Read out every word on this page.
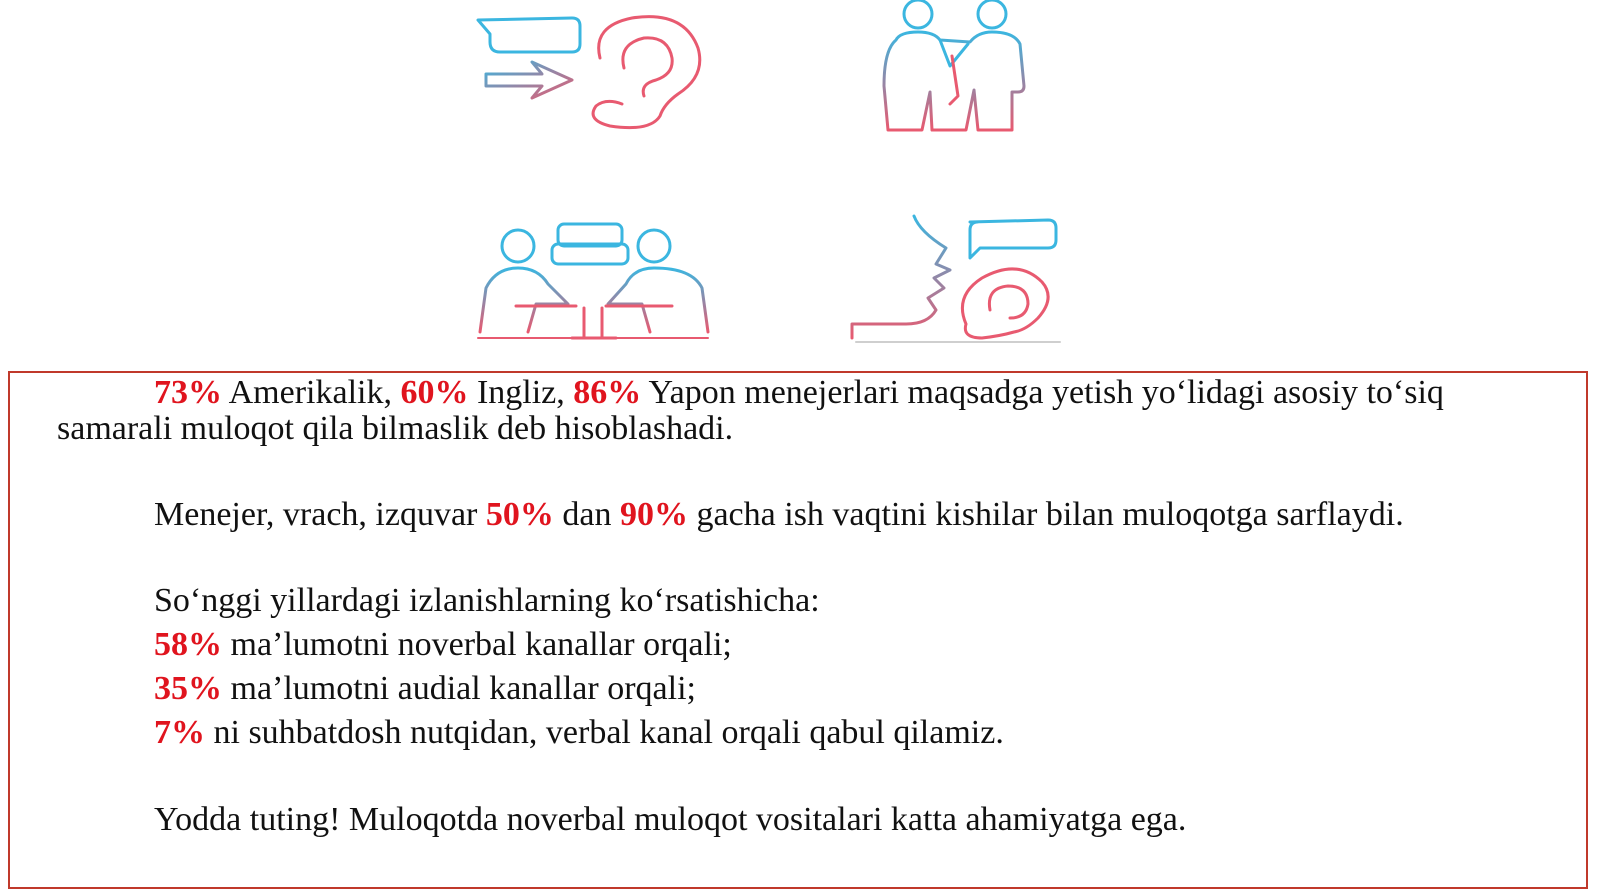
73% Amerikalik, 60% Ingliz, 86% Yapon menejerlari maqsadga yetish yo‘lidagi asosiy to‘siq
samarali muloqot qila bilmaslik deb hisoblashadi.

Menejer, vrach, izquvar 50% dan 90% gacha ish vaqtini kishilar bilan muloqotga sarflaydi.

So‘nggi yillardagi izlanishlarning ko‘rsatishicha:

58% ma’lumotni noverbal kanallar orqali;

35% ma’lumotni audial kanallar orqali;

7% ni suhbatdosh nutqidan, verbal kanal orqali qabul qilamiz.

Yodda tuting! Muloqotda noverbal muloqot vositalari katta ahamiyatga ega.
